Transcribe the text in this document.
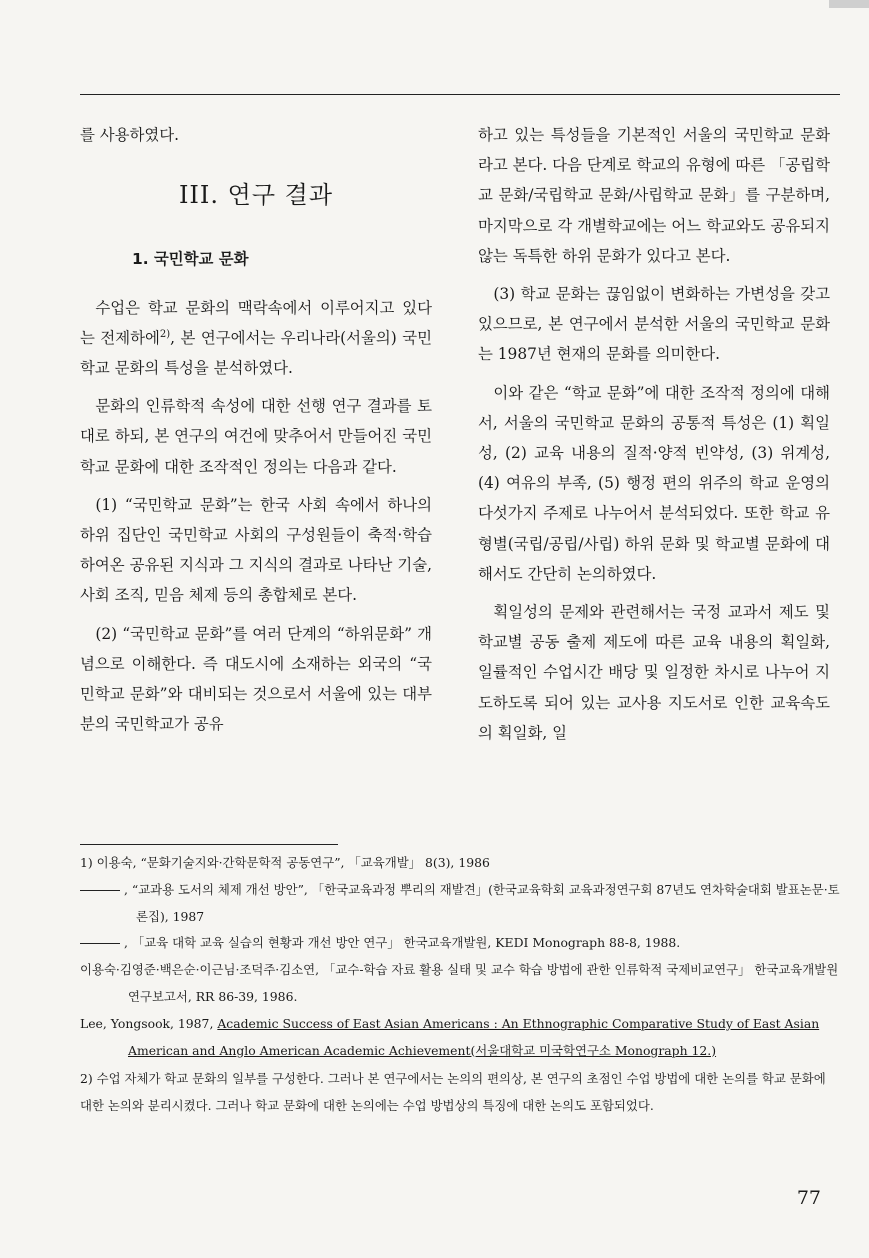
를 사용하였다.

III. 연구 결과
1. 국민학교 문화

수업은 학교 문화의 맥락속에서 이루어지고 있다는 전제하에$^{2)}$, 본 연구에서는 우리나라(서울의) 국민학교 문화의 특성을 분석하였다.

문화의 인류학적 속성에 대한 선행 연구 결과를 토대로 하되, 본 연구의 여건에 맞추어서 만들어진 국민학교 문화에 대한 조작적인 정의는 다음과 같다.

(1) “국민학교 문화”는 한국 사회 속에서 하나의 하위 집단인 국민학교 사회의 구성원들이 축적·학습하여온 공유된 지식과 그 지식의 결과로 나타난 기술, 사회 조직, 믿음 체제 등의 총합체로 본다.

(2) “국민학교 문화”를 여러 단계의 “하위문화” 개념으로 이해한다. 즉 대도시에 소재하는 외국의 “국민학교 문화”와 대비되는 것으로서 서울에 있는 대부분의 국민학교가 공유

하고 있는 특성들을 기본적인 서울의 국민학교 문화라고 본다. 다음 단계로 학교의 유형에 따른 「공립학교 문화/국립학교 문화/사립학교 문화」를 구분하며, 마지막으로 각 개별학교에는 어느 학교와도 공유되지 않는 독특한 하위 문화가 있다고 본다.

(3) 학교 문화는 끊임없이 변화하는 가변성을 갖고 있으므로, 본 연구에서 분석한 서울의 국민학교 문화는 1987년 현재의 문화를 의미한다.

이와 같은 “학교 문화”에 대한 조작적 정의에 대해서, 서울의 국민학교 문화의 공통적 특성은 (1) 획일성, (2) 교육 내용의 질적·양적 빈약성, (3) 위계성, (4) 여유의 부족, (5) 행정 편의 위주의 학교 운영의 다섯가지 주제로 나누어서 분석되었다. 또한 학교 유형별(국립/공립/사립) 하위 문화 및 학교별 문화에 대해서도 간단히 논의하였다.

획일성의 문제와 관련해서는 국정 교과서 제도 및 학교별 공동 출제 제도에 따른 교육 내용의 획일화, 일률적인 수업시간 배당 및 일정한 차시로 나누어 지도하도록 되어 있는 교사용 지도서로 인한 교육속도의 획일화, 일

1) 이용숙, “문화기술지와·간학문학적 공동연구”, 「교육개발」 8(3), 1986

, “교과용 도서의 체제 개선 방안”, 「한국교육과정 뿌리의 재발견」(한국교육학회 교육과정연구회 87년도 연차학술대회 발표논문·토론집), 1987

, 「교육 대학 교육 실습의 현황과 개선 방안 연구」 한국교육개발원, KEDI Monograph 88-8, 1988.

이용숙·김영준·백은순·이근님·조덕주·김소연, 「교수-학습 자료 활용 실태 및 교수 학습 방법에 관한 인류학적 국제비교연구」 한국교육개발원 연구보고서, RR 86-39, 1986.

Lee, Yongsook, 1987, Academic Success of East Asian Americans : An Ethnographic Comparative Study of East Asian American and Anglo American Academic Achievement(서울대학교 미국학연구소 Monograph 12.)

2) 수업 자체가 학교 문화의 일부를 구성한다. 그러나 본 연구에서는 논의의 편의상, 본 연구의 초점인 수업 방법에 대한 논의를 학교 문화에 대한 논의와 분리시켰다. 그러나 학교 문화에 대한 논의에는 수업 방법상의 특징에 대한 논의도 포함되었다.

77
